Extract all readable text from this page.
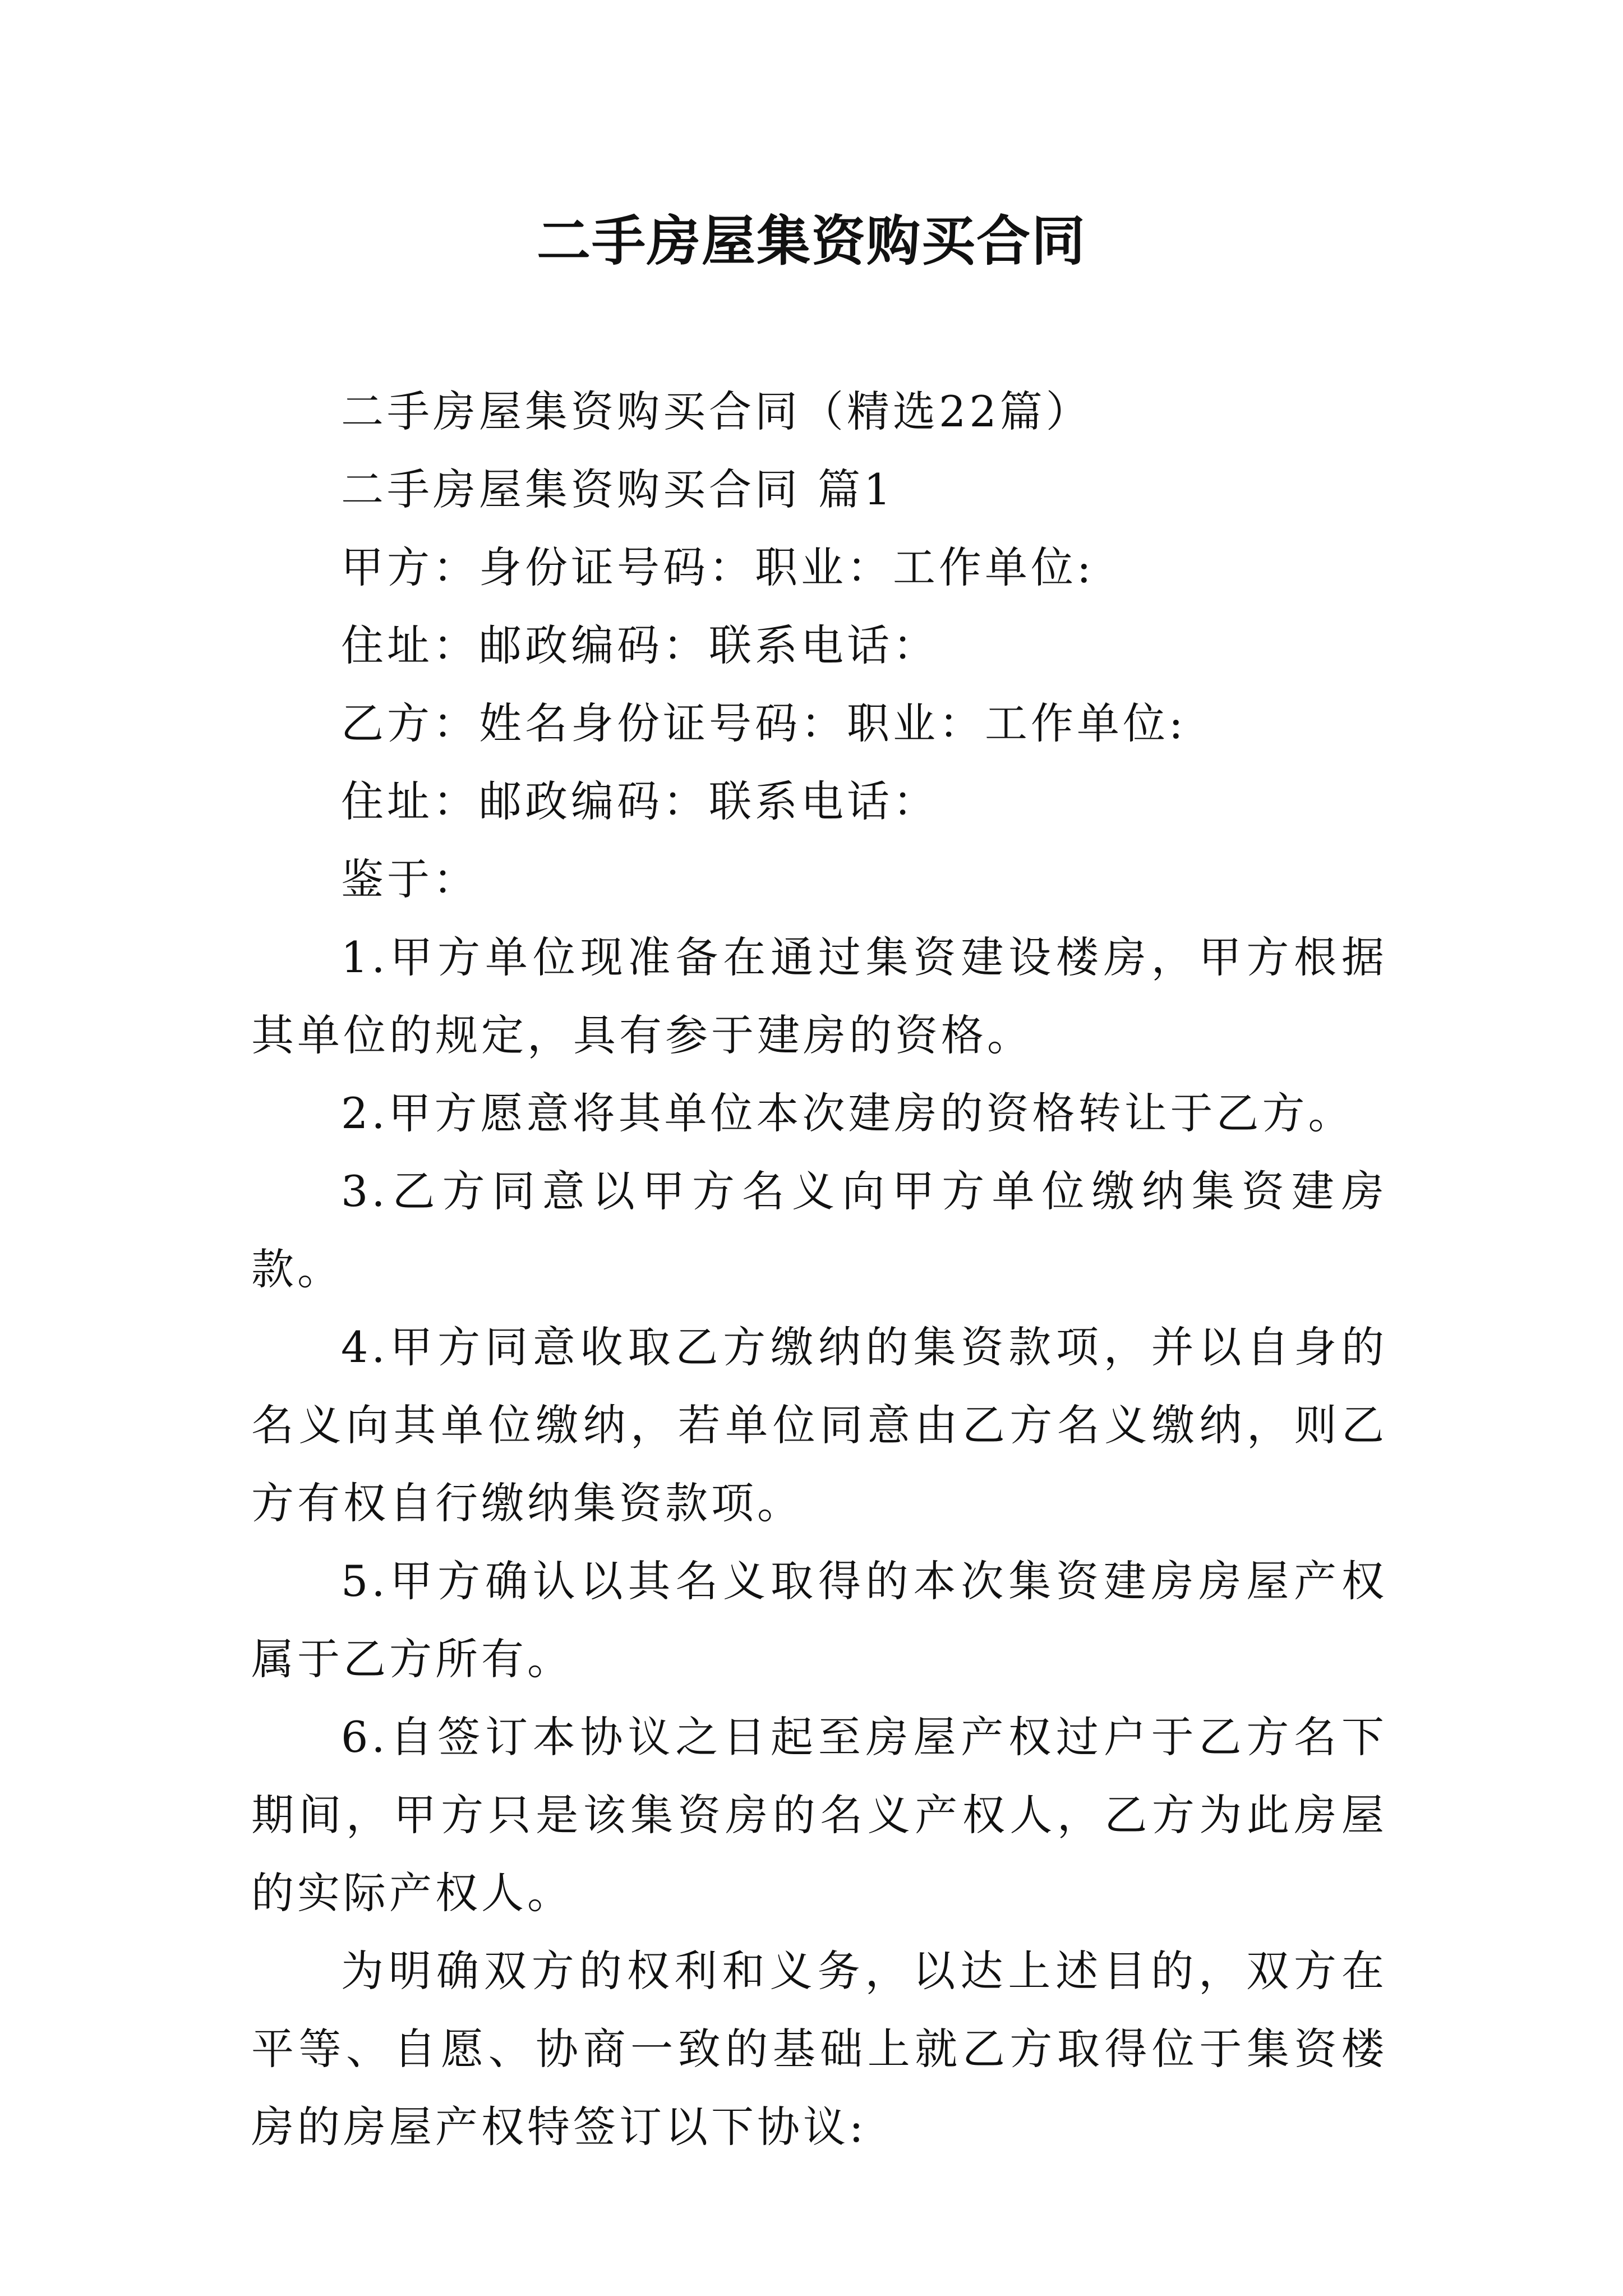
二手房屋集资购买合同

二手房屋集资购买合同（精选22篇）

二手房屋集资购买合同 篇1

甲方：身份证号码：职业：工作单位:

住址：邮政编码：联系电话：

乙方：姓名身份证号码：职业：工作单位:

住址：邮政编码：联系电话：

鉴于：

1.甲方单位现准备在通过集资建设楼房，甲方根据其单位的规定，具有参于建房的资格。

2.甲方愿意将其单位本次建房的资格转让于乙方。

3.乙方同意以甲方名义向甲方单位缴纳集资建房款。

4.甲方同意收取乙方缴纳的集资款项，并以自身的名义向其单位缴纳，若单位同意由乙方名义缴纳，则乙方有权自行缴纳集资款项。

5.甲方确认以其名义取得的本次集资建房房屋产权属于乙方所有。

6.自签订本协议之日起至房屋产权过户于乙方名下期间，甲方只是该集资房的名义产权人，乙方为此房屋的实际产权人。

为明确双方的权利和义务，以达上述目的，双方在平等、自愿、协商一致的基础上就乙方取得位于集资楼房的房屋产权特签订以下协议:
